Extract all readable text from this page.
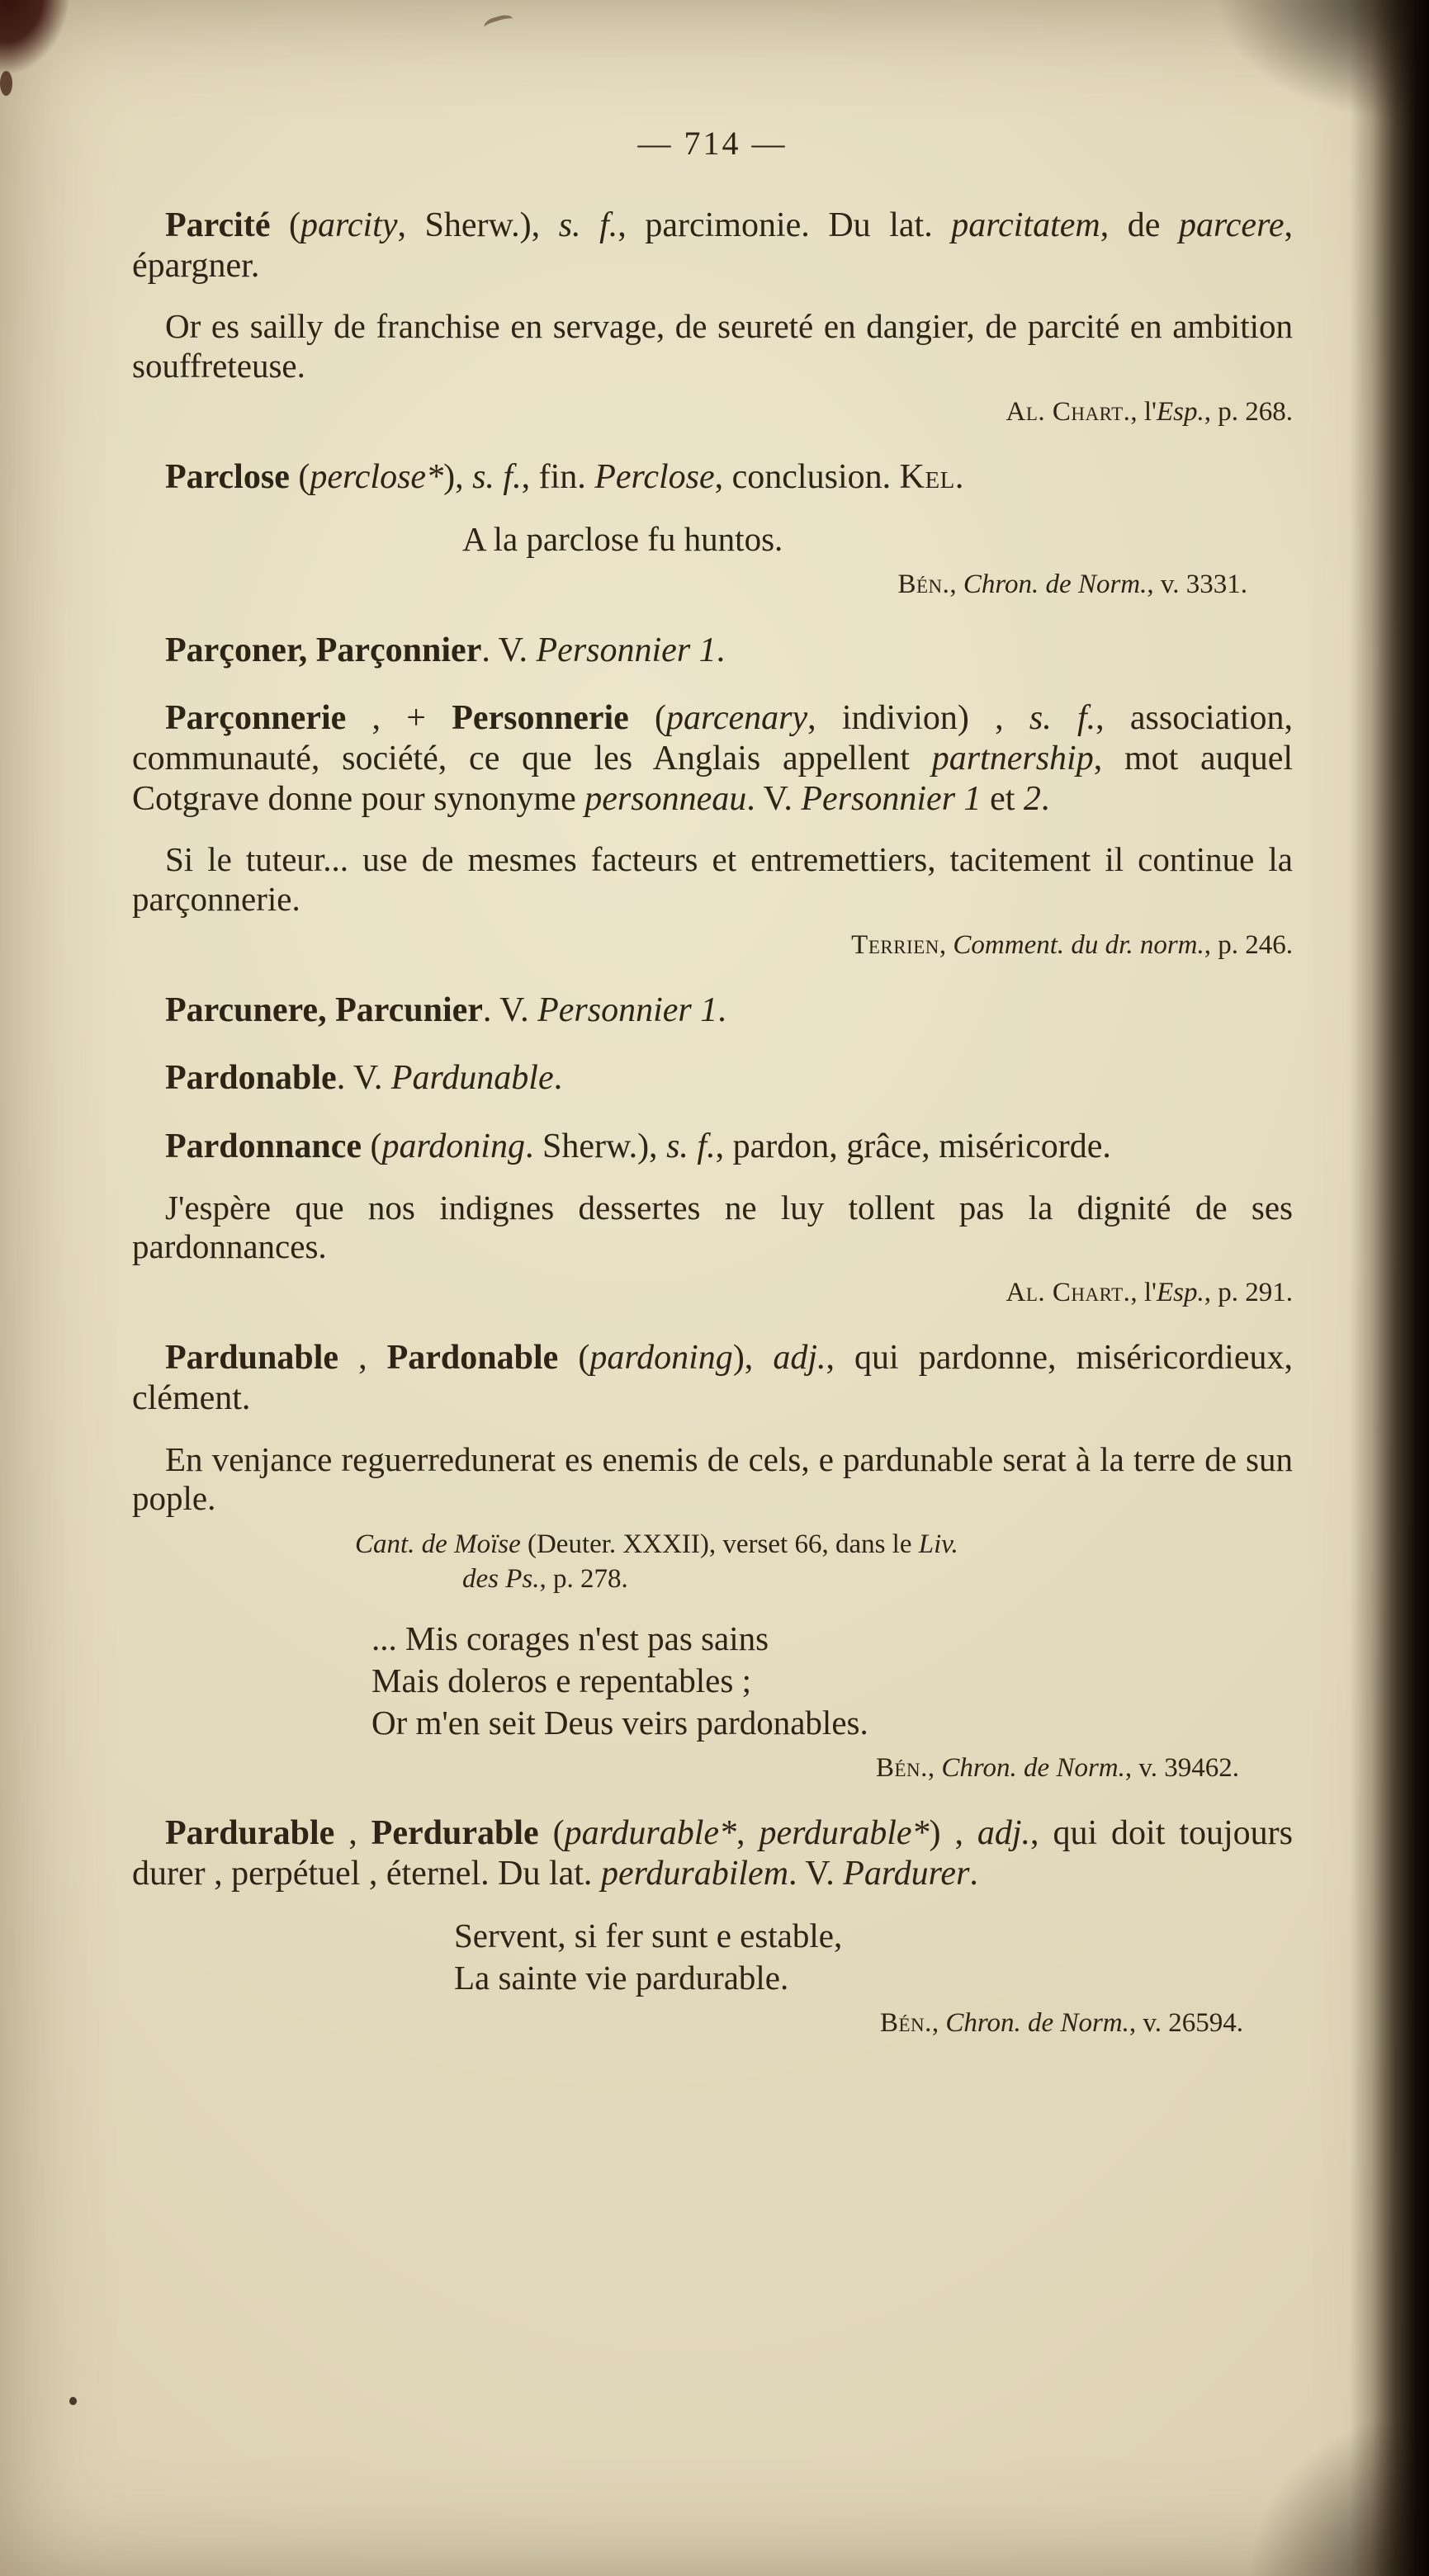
— 714 —
Parcité (parcity, Sherw.), s. f., parcimonie. Du lat. parcitatem, de parcere, épargner.
Or es sailly de franchise en servage, de seureté en dangier, de parcité en ambition souffreteuse.
Al. Chart., l'Esp., p. 268.
Parclose (perclose*), s. f., fin. Perclose, conclusion. Kel.
A la parclose fu huntos.
Bén., Chron. de Norm., v. 3331.
Parçoner, Parçonnier. V. Personnier 1.
Parçonnerie , + Personnerie (parcenary, indivion) , s. f., association, communauté, société, ce que les Anglais appellent partnership, mot auquel Cotgrave donne pour synonyme personneau. V. Personnier 1 et 2.
Si le tuteur... use de mesmes facteurs et entremettiers, tacitement il continue la parçonnerie.
Terrien, Comment. du dr. norm., p. 246.
Parcunere, Parcunier. V. Personnier 1.
Pardonable. V. Pardunable.
Pardonnance (pardoning. Sherw.), s. f., pardon, grâce, miséricorde.
J'espère que nos indignes dessertes ne luy tollent pas la dignité de ses pardonnances.
Al. Chart., l'Esp., p. 291.
Pardunable , Pardonable (pardoning), adj., qui pardonne, miséricordieux, clément.
En venjance reguerredunerat es enemis de cels, e pardunable serat à la terre de sun pople.
Cant. de Moïse (Deuter. XXXII), verset 66, dans le Liv.
des Ps., p. 278.
... Mis corages n'est pas sains
Mais doleros e repentables ;
Or m'en seit Deus veirs pardonables.
Bén., Chron. de Norm., v. 39462.
Pardurable , Perdurable (pardurable*, perdurable*) , adj., qui doit toujours durer , perpétuel , éternel. Du lat. perdurabilem. V. Pardurer.
Servent, si fer sunt e estable,
La sainte vie pardurable.
Bén., Chron. de Norm., v. 26594.
